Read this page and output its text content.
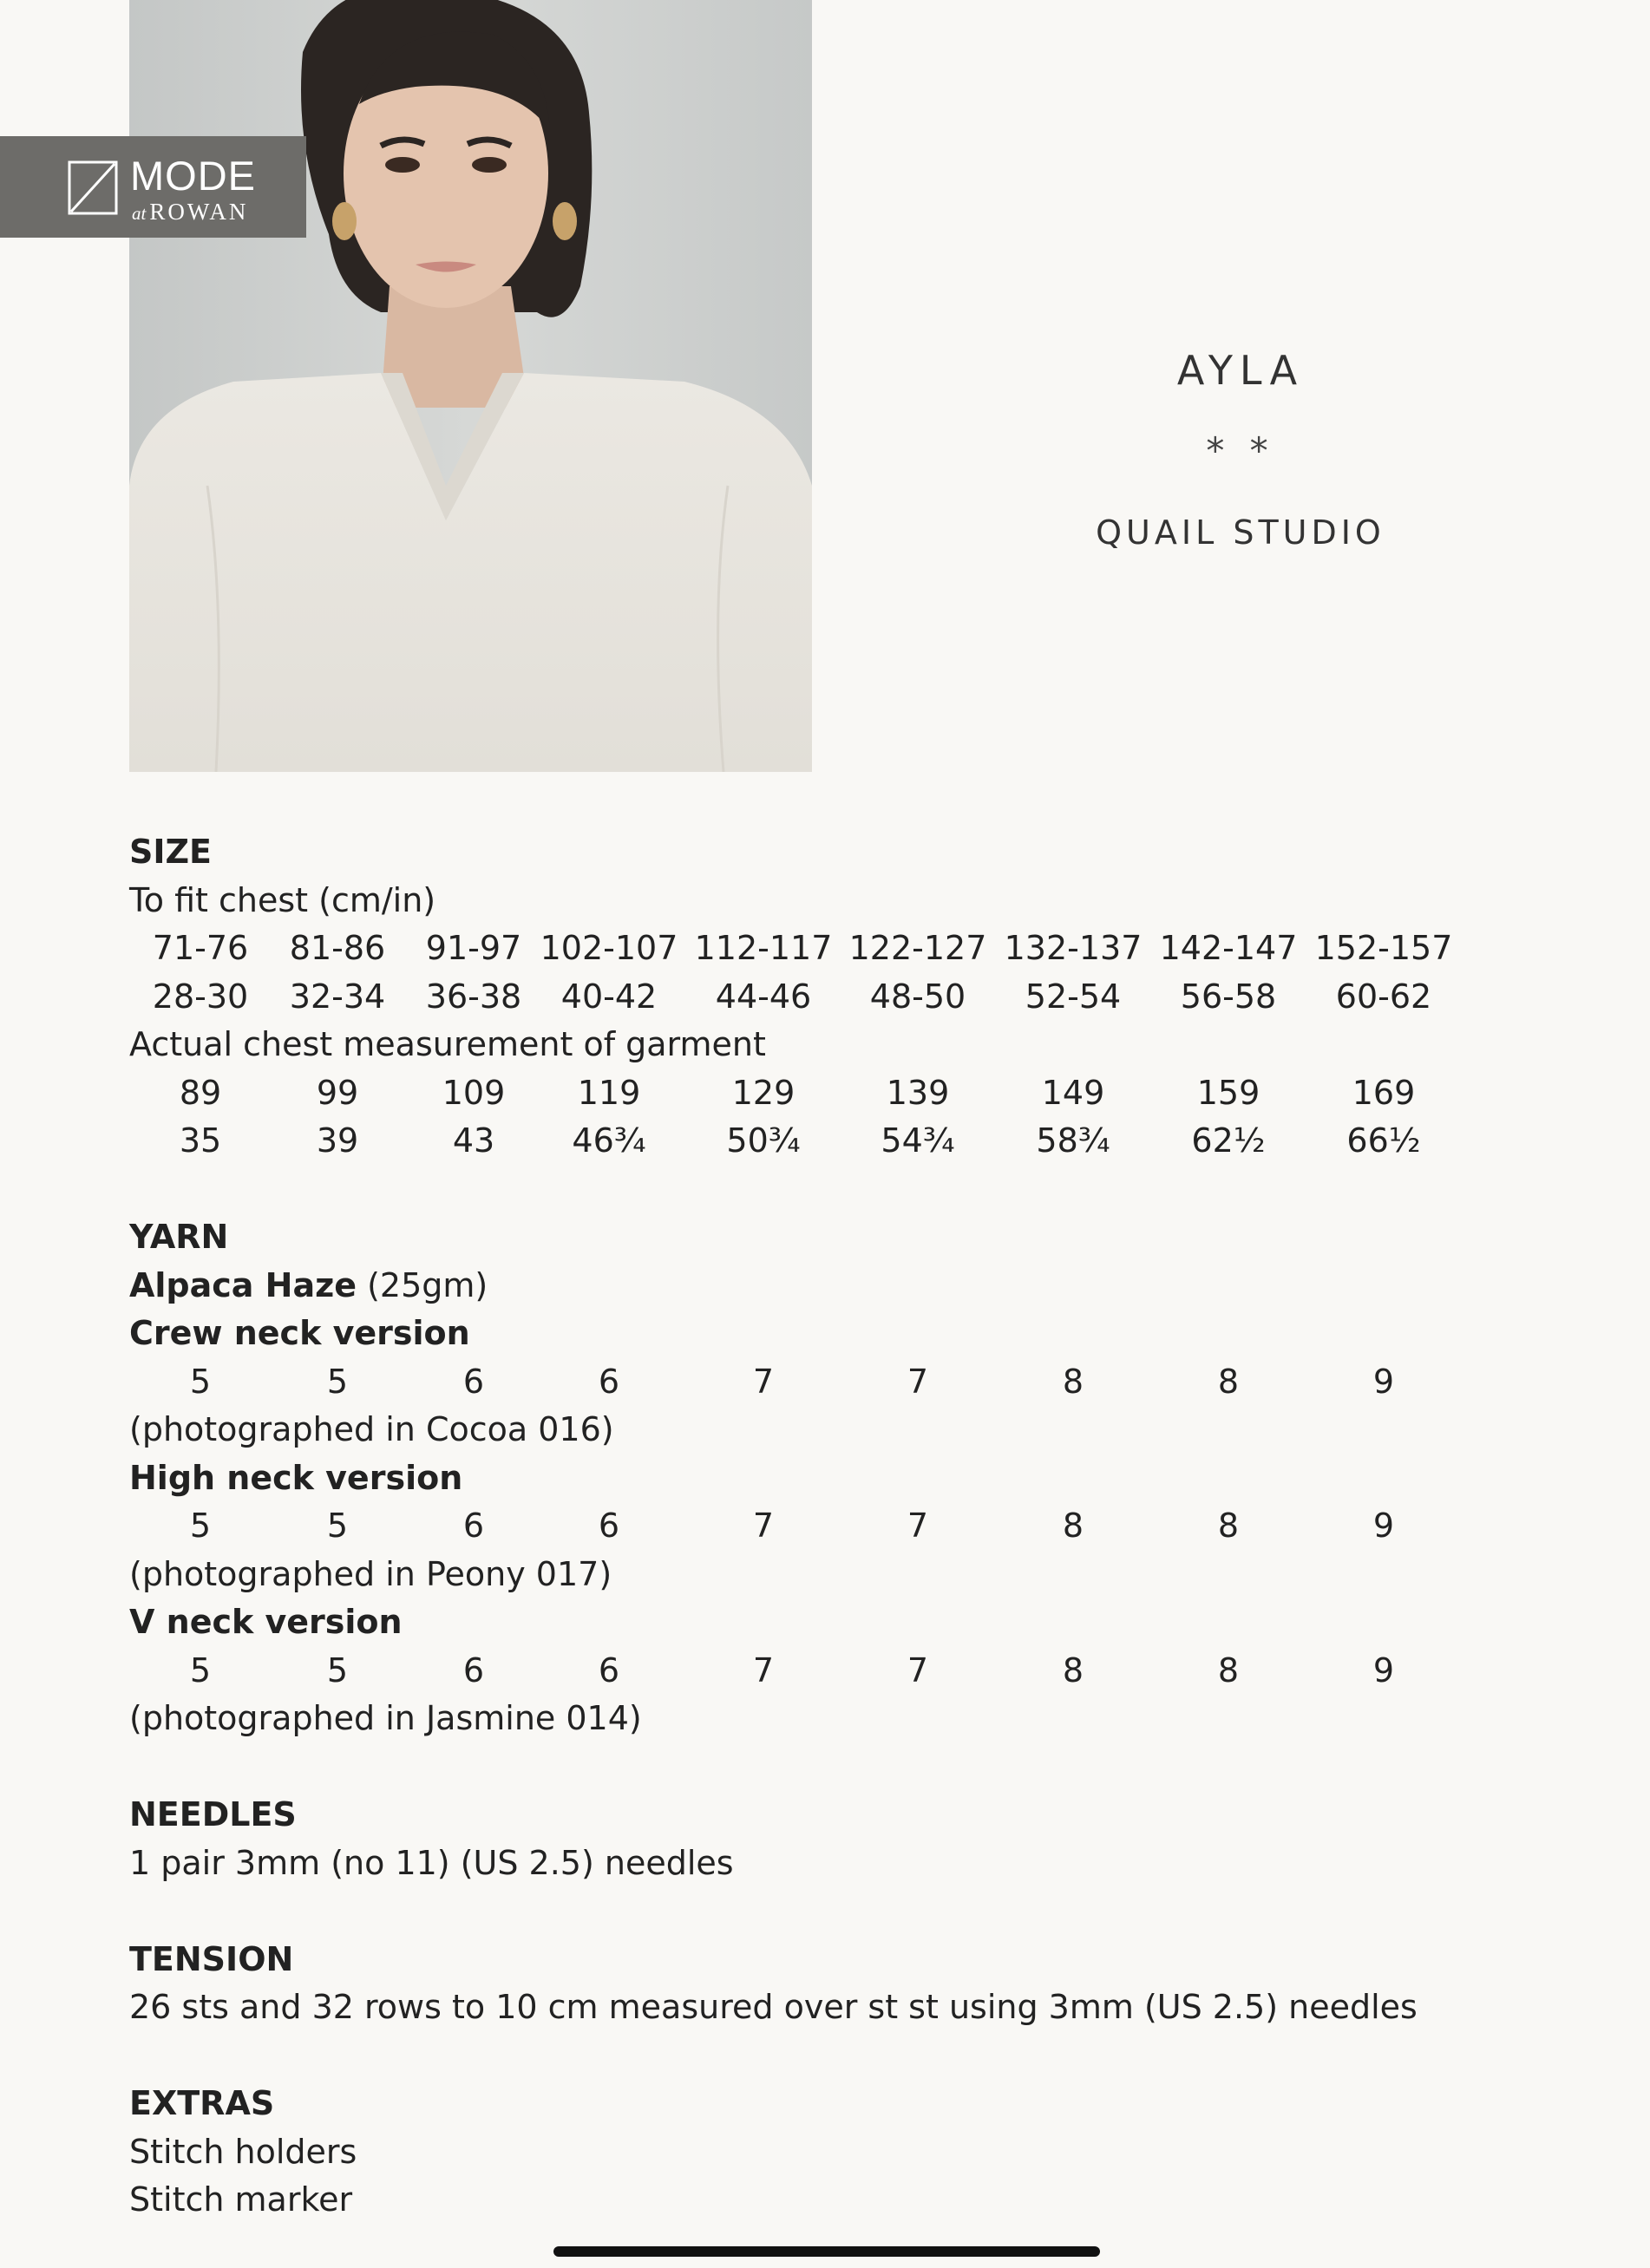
MODE
at ROWAN
AYLA
* *
QUAIL STUDIO
SIZE
To fit chest (cm/in)
71-76	81-86	91-97 102-107 112-117 122-127 132-137 142-147 152-157
28-30	32-34	36-38	40-42	44-46	48-50	52-54	56-58	60-62
Actual chest measurement of garment
89	99	109	119	129	139	149	159	169
35	39	43	46¾	50¾	54¾	58¾	62½	66½
YARN
Alpaca Haze (25gm)
Crew neck version
5	5	6	6	7	7	8	8	9
(photographed in Cocoa 016)
High neck version
5	5	6	6	7	7	8	8	9
(photographed in Peony 017)
V neck version
5	5	6	6	7	7	8	8	9
(photographed in Jasmine 014)
NEEDLES
1 pair 3mm (no 11) (US 2.5) needles
TENSION
26 sts and 32 rows to 10 cm measured over st st using 3mm (US 2.5) needles
EXTRAS
Stitch holders
Stitch marker
